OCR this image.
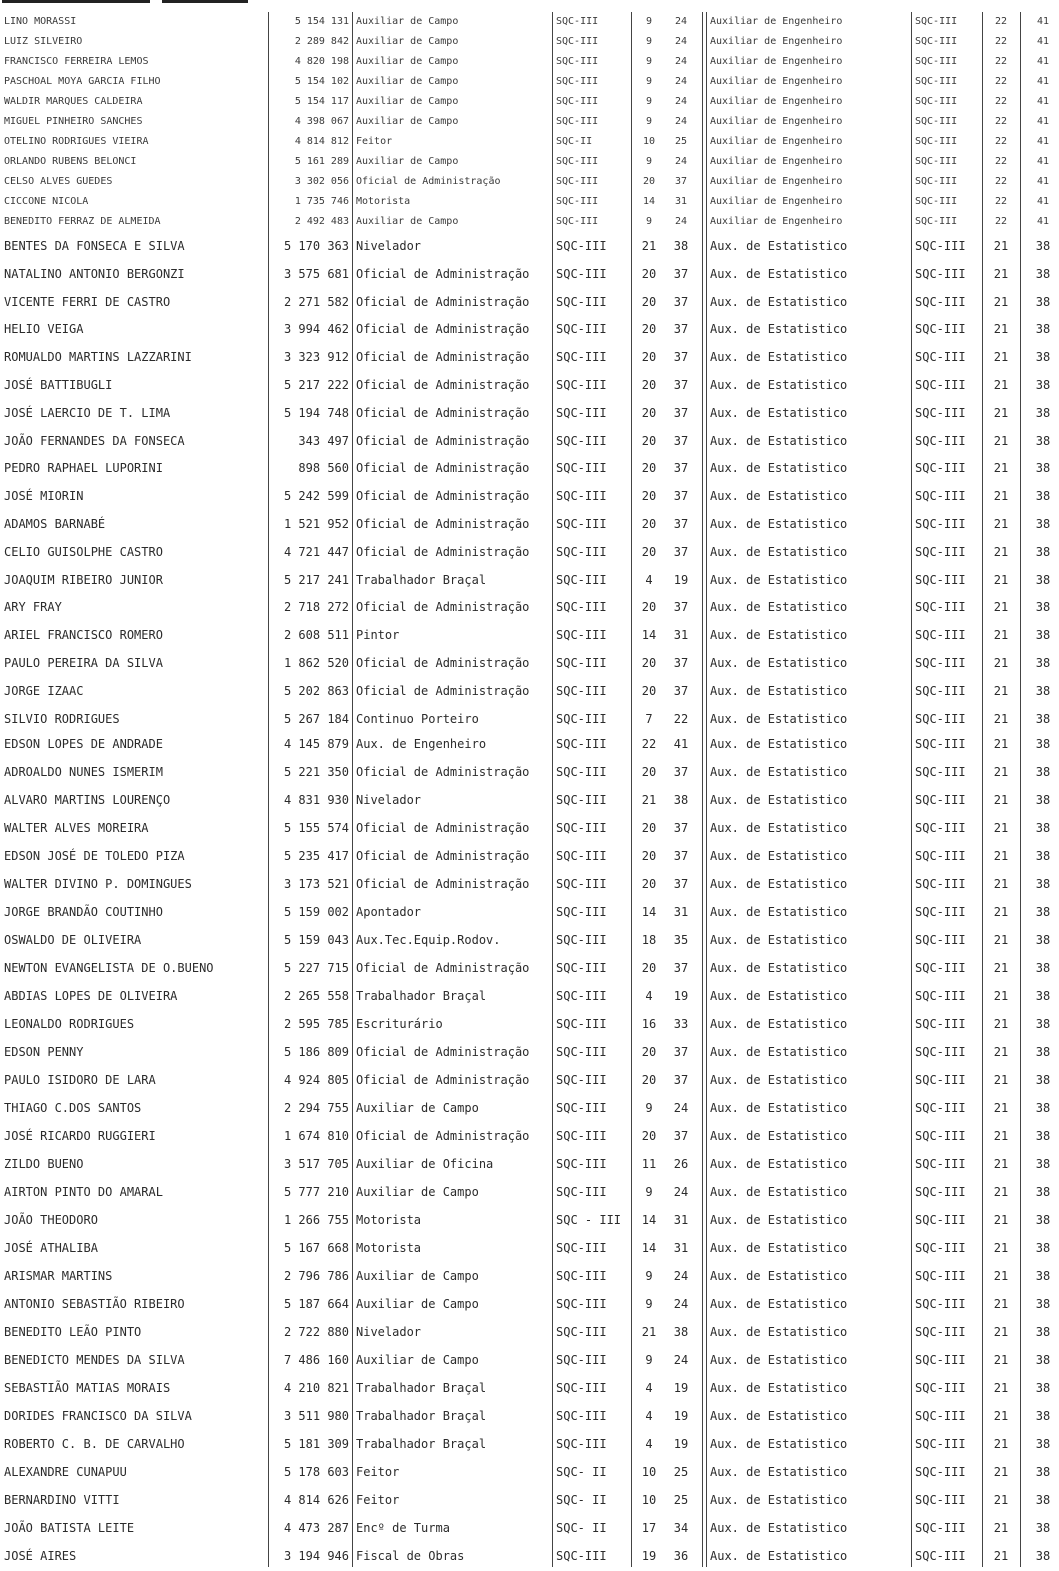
LINO MORASSI	5 154 131 Auxiliar de Campo	SQC-III	9	24	Auxiliar de Engenheiro	SQC-III	22	41
LUIZ SILVEIRO	2 289 842 Auxiliar de Campo	SQC-III	9	24	Auxiliar de Engenheiro	SQC-III	22	41
FRANCISCO FERREIRA LEMOS	4 820 198 Auxiliar de Campo	SQC-III	9	24	Auxiliar de Engenheiro	SQC-III	22	41
PASCHOAL MOYA GARCIA FILHO	5 154 102 Auxiliar de Campo	SQC-III	9	24	Auxiliar de Engenheiro	SQC-III	22	41
WALDIR MARQUES CALDEIRA	5 154 117 Auxiliar de Campo	SQC-III	9	24	Auxiliar de Engenheiro	SQC-III	22	41
MIGUEL PINHEIRO SANCHES	4 398 067 Auxiliar de Campo	SQC-III	9	24	Auxiliar de Engenheiro	SQC-III	22	41
OTELINO RODRIGUES VIEIRA	4 814 812 Feitor	SQC-II	10	25	Auxiliar de Engenheiro	SQC-III	22	41
ORLANDO RUBENS BELONCI	5 161 289 Auxiliar de Campo	SQC-III	9	24	Auxiliar de Engenheiro	SQC-III	22	41
CELSO ALVES GUEDES	3 302 056 Oficial de Administração	SQC-III	20	37	Auxiliar de Engenheiro	SQC-III	22	41
CICCONE NICOLA	1 735 746 Motorista	SQC-III	14	31	Auxiliar de Engenheiro	SQC-III	22	41
BENEDITO FERRAZ DE ALMEIDA	2 492 483 Auxiliar de Campo	SQC-III	9	24	Auxiliar de Engenheiro	SQC-III	22	41
BENTES DA FONSECA E SILVA	5 170 363 Nivelador	SQC-III	21	38	Aux. de Estatistico	SQC-III	21	38
NATALINO ANTONIO BERGONZI	3 575 681 Oficial de Administração SQC-III	20	37	Aux. de Estatistico	SQC-III	21	38
VICENTE FERRI DE CASTRO	2 271 582 Oficial de Administração SQC-III	20	37	Aux. de Estatistico	SQC-III	21	38
HELIO VEIGA	3 994 462 Oficial de Administração SQC-III	20	37	Aux. de Estatistico	SQC-III	21	38
ROMUALDO MARTINS LAZZARINI	3 323 912 Oficial de Administração SQC-III	20	37	Aux. de Estatistico	SQC-III	21	38
JOSÉ BATTIBUGLI	5 217 222 Oficial de Administração SQC-III	20	37	Aux. de Estatistico	SQC-III	21	38
JOSÉ LAERCIO DE T. LIMA	5 194 748 Oficial de Administração SQC-III	20	37	Aux. de Estatistico	SQC-III	21	38
JOÃO FERNANDES DA FONSECA	343 497 Oficial de Administração SQC-III	20	37	Aux. de Estatistico	SQC-III	21	38
PEDRO RAPHAEL LUPORINI	898 560 Oficial de Administração SQC-III	20	37	Aux. de Estatistico	SQC-III	21	38
JOSÉ MIORIN	5 242 599 Oficial de Administração SQC-III	20	37	Aux. de Estatistico	SQC-III	21	38
ADAMOS BARNABÉ	1 521 952 Oficial de Administração SQC-III	20	37	Aux. de Estatistico	SQC-III	21	38
CELIO GUISOLPHE CASTRO	4 721 447 Oficial de Administração SQC-III	20	37	Aux. de Estatistico	SQC-III	21	38
JOAQUIM RIBEIRO JUNIOR	5 217 241 Trabalhador Braçal	SQC-III	4	19	Aux. de Estatistico	SQC-III	21	38
ARY FRAY	2 718 272 Oficial de Administração SQC-III	20	37	Aux. de Estatistico	SQC-III	21	38
ARIEL FRANCISCO ROMERO	2 608 511 Pintor	SQC-III	14	31	Aux. de Estatistico	SQC-III	21	38
PAULO PEREIRA DA SILVA	1 862 520 Oficial de Administração SQC-III	20	37	Aux. de Estatistico	SQC-III	21	38
JORGE IZAAC	5 202 863 Oficial de Administração SQC-III	20	37	Aux. de Estatistico	SQC-III	21	38
SILVIO RODRIGUES	5 267 184 Continuo Porteiro	SQC-III	7	22	Aux. de Estatistico	SQC-III	21	38
EDSON LOPES DE ANDRADE	4 145 879 Aux. de Engenheiro	SQC-III	22	41	Aux. de Estatistico	SQC-III	21	38
ADROALDO NUNES ISMERIM	5 221 350 Oficial de Administração SQC-III	20	37	Aux. de Estatistico	SQC-III	21	38
ALVARO MARTINS LOURENÇO	4 831 930 Nivelador	SQC-III	21	38	Aux. de Estatistico	SQC-III	21	38
WALTER ALVES MOREIRA	5 155 574 Oficial de Administração SQC-III	20	37	Aux. de Estatistico	SQC-III	21	38
EDSON JOSÉ DE TOLEDO PIZA	5 235 417 Oficial de Administração SQC-III	20	37	Aux. de Estatistico	SQC-III	21	38
WALTER DIVINO P. DOMINGUES	3 173 521 Oficial de Administração SQC-III	20	37	Aux. de Estatistico	SQC-III	21	38
JORGE BRANDÃO COUTINHO	5 159 002 Apontador	SQC-III	14	31	Aux. de Estatistico	SQC-III	21	38
OSWALDO DE OLIVEIRA	5 159 043 Aux.Tec.Equip.Rodov.	SQC-III	18	35	Aux. de Estatistico	SQC-III	21	38
NEWTON EVANGELISTA DE O.BUENO	5 227 715 Oficial de Administração SQC-III	20	37	Aux. de Estatistico	SQC-III	21	38
ABDIAS LOPES DE OLIVEIRA	2 265 558 Trabalhador Braçal	SQC-III	4	19	Aux. de Estatistico	SQC-III	21	38
LEONALDO RODRIGUES	2 595 785 Escriturário	SQC-III	16	33	Aux. de Estatistico	SQC-III	21	38
EDSON PENNY	5 186 809 Oficial de Administração SQC-III	20	37	Aux. de Estatistico	SQC-III	21	38
PAULO ISIDORO DE LARA	4 924 805 Oficial de Administração SQC-III	20	37	Aux. de Estatistico	SQC-III	21	38
THIAGO C.DOS SANTOS	2 294 755 Auxiliar de Campo	SQC-III	9	24	Aux. de Estatistico	SQC-III	21	38
JOSÉ RICARDO RUGGIERI	1 674 810 Oficial de Administração SQC-III	20	37	Aux. de Estatistico	SQC-III	21	38
ZILDO BUENO	3 517 705 Auxiliar de Oficina	SQC-III	11	26	Aux. de Estatistico	SQC-III	21	38
AIRTON PINTO DO AMARAL	5 777 210 Auxiliar de Campo	SQC-III	9	24	Aux. de Estatistico	SQC-III	21	38
JOÃO THEODORO	1 266 755 Motorista	SQC - III	14	31	Aux. de Estatistico	SQC-III	21	38
JOSÉ ATHALIBA	5 167 668 Motorista	SQC-III	14	31	Aux. de Estatistico	SQC-III	21	38
ARISMAR MARTINS	2 796 786 Auxiliar de Campo	SQC-III	9	24	Aux. de Estatistico	SQC-III	21	38
ANTONIO SEBASTIÃO RIBEIRO	5 187 664 Auxiliar de Campo	SQC-III	9	24	Aux. de Estatistico	SQC-III	21	38
BENEDITO LEÃO PINTO	2 722 880 Nivelador	SQC-III	21	38	Aux. de Estatistico	SQC-III	21	38
BENEDICTO MENDES DA SILVA	7 486 160 Auxiliar de Campo	SQC-III	9	24	Aux. de Estatistico	SQC-III	21	38
SEBASTIÃO MATIAS MORAIS	4 210 821 Trabalhador Braçal	SQC-III	4	19	Aux. de Estatistico	SQC-III	21	38
DORIDES FRANCISCO DA SILVA	3 511 980 Trabalhador Braçal	SQC-III	4	19	Aux. de Estatistico	SQC-III	21	38
ROBERTO C. B. DE CARVALHO	5 181 309 Trabalhador Braçal	SQC-III	4	19	Aux. de Estatistico	SQC-III	21	38
ALEXANDRE CUNAPUU	5 178 603 Feitor	SQC- II	10	25	Aux. de Estatistico	SQC-III	21	38
BERNARDINO VITTI	4 814 626 Feitor	SQC- II	10	25	Aux. de Estatistico	SQC-III	21	38
JOÃO BATISTA LEITE	4 473 287 Encº de Turma	SQC- II	17	34	Aux. de Estatistico	SQC-III	21	38
JOSÉ AIRES	3 194 946 Fiscal de Obras	SQC-III	19	36	Aux. de Estatistico	SQC-III	21	38
